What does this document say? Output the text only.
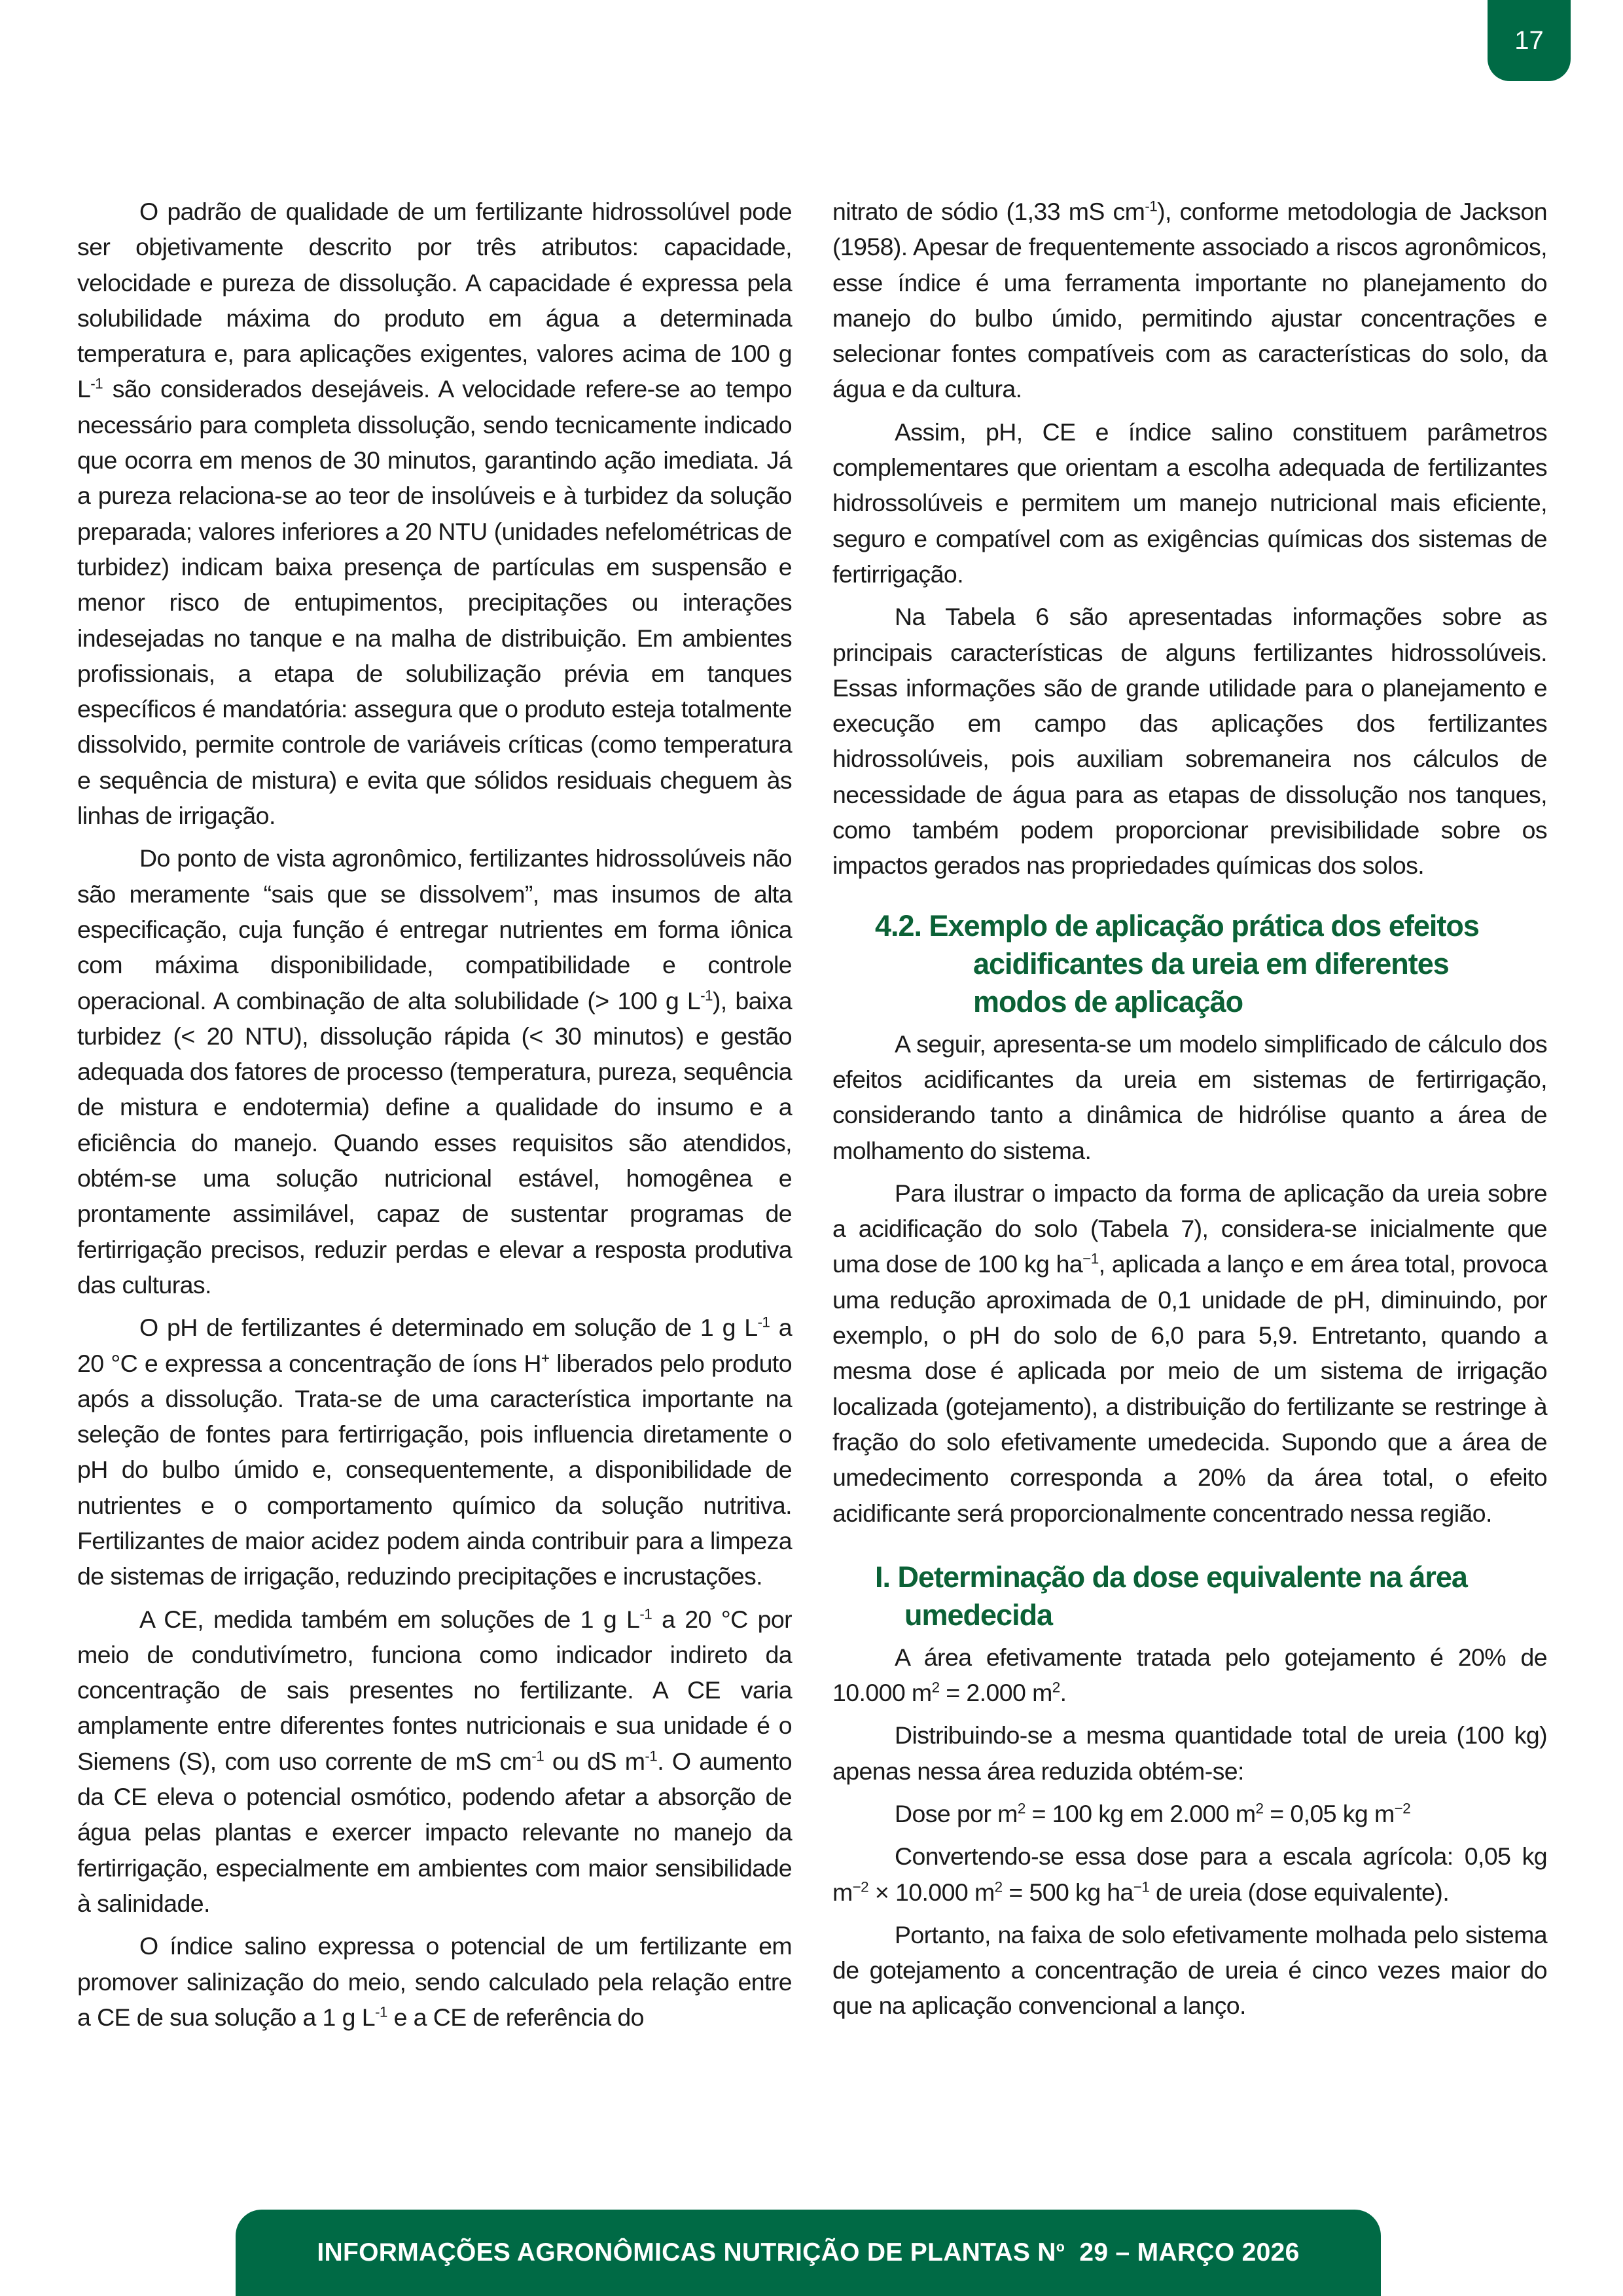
17

O padrão de qualidade de um fertilizante hidrossolúvel pode ser objetivamente descrito por três atributos: capacidade, velocidade e pureza de dissolução. A capacidade é expressa pela solubilidade máxima do produto em água a determinada temperatura e, para aplicações exigentes, valores acima de 100 g $L^{-1}$ são considerados desejáveis. A velocidade refere-se ao tempo necessário para completa dissolução, sendo tecnicamente indicado que ocorra em menos de 30 minutos, garantindo ação imediata. Já a pureza relaciona-se ao teor de insolúveis e à turbidez da solução preparada; valores inferiores a 20 NTU (unidades nefelométricas de turbidez) indicam baixa presença de partículas em suspensão e menor risco de entupimentos, precipitações ou interações indesejadas no tanque e na malha de distribuição. Em ambientes profissionais, a etapa de solubilização prévia em tanques específicos é mandatória: assegura que o produto esteja totalmente dissolvido, permite controle de variáveis críticas (como temperatura e sequência de mistura) e evita que sólidos residuais cheguem às linhas de irrigação.

Do ponto de vista agronômico, fertilizantes hidrossolúveis não são meramente “sais que se dissolvem”, mas insumos de alta especificação, cuja função é entregar nutrientes em forma iônica com máxima disponibilidade, compatibilidade e controle operacional. A combinação de alta solubilidade (> 100 g $L^{-1}$), baixa turbidez (< 20 NTU), dissolução rápida (< 30 minutos) e gestão adequada dos fatores de processo (temperatura, pureza, sequência de mistura e endotermia) define a qualidade do insumo e a eficiência do manejo. Quando esses requisitos são atendidos, obtém-se uma solução nutricional estável, homogênea e prontamente assimilável, capaz de sustentar programas de fertirrigação precisos, reduzir perdas e elevar a resposta produtiva das culturas.

O pH de fertilizantes é determinado em solução de 1 g $L^{-1}$ a 20 °C e expressa a concentração de íons H+ liberados pelo produto após a dissolução. Trata-se de uma característica importante na seleção de fontes para fertirrigação, pois influencia diretamente o pH do bulbo úmido e, consequentemente, a disponibilidade de nutrientes e o comportamento químico da solução nutritiva. Fertilizantes de maior acidez podem ainda contribuir para a limpeza de sistemas de irrigação, reduzindo precipitações e incrustações.

A CE, medida também em soluções de 1 g $L^{-1}$ a 20 °C por meio de condutivímetro, funciona como indicador indireto da concentração de sais presentes no fertilizante. A CE varia amplamente entre diferentes fontes nutricionais e sua unidade é o Siemens (S), com uso corrente de mS $cm^{-1}$ ou dS $m^{-1}$. O aumento da CE eleva o potencial osmótico, podendo afetar a absorção de água pelas plantas e exercer impacto relevante no manejo da fertirrigação, especialmente em ambientes com maior sensibilidade à salinidade.

O índice salino expressa o potencial de um fertilizante em promover salinização do meio, sendo calculado pela relação entre a CE de sua solução a 1 g $L^{-1}$ e a CE de referência do

nitrato de sódio (1,33 mS $cm^{-1}$), conforme metodologia de Jackson (1958). Apesar de frequentemente associado a riscos agronômicos, esse índice é uma ferramenta importante no planejamento do manejo do bulbo úmido, permitindo ajustar concentrações e selecionar fontes compatíveis com as características do solo, da água e da cultura.

Assim, pH, CE e índice salino constituem parâmetros complementares que orientam a escolha adequada de fertilizantes hidrossolúveis e permitem um manejo nutricional mais eficiente, seguro e compatível com as exigências químicas dos sistemas de fertirrigação.

Na Tabela 6 são apresentadas informações sobre as principais características de alguns fertilizantes hidrossolúveis. Essas informações são de grande utilidade para o planejamento e execução em campo das aplicações dos fertilizantes hidrossolúveis, pois auxiliam sobremaneira nos cálculos de necessidade de água para as etapas de dissolução nos tanques, como também podem proporcionar previsibilidade sobre os impactos gerados nas propriedades químicas dos solos.

4.2. Exemplo de aplicação prática dos efeitos acidificantes da ureia em diferentes modos de aplicação

A seguir, apresenta-se um modelo simplificado de cálculo dos efeitos acidificantes da ureia em sistemas de fertirrigação, considerando tanto a dinâmica de hidrólise quanto a área de molhamento do sistema.

Para ilustrar o impacto da forma de aplicação da ureia sobre a acidificação do solo (Tabela 7), considera-se inicialmente que uma dose de 100 kg $ha^{-1}$, aplicada a lanço e em área total, provoca uma redução aproximada de 0,1 unidade de pH, diminuindo, por exemplo, o pH do solo de 6,0 para 5,9. Entretanto, quando a mesma dose é aplicada por meio de um sistema de irrigação localizada (gotejamento), a distribuição do fertilizante se restringe à fração do solo efetivamente umedecida. Supondo que a área de umedecimento corresponda a 20% da área total, o efeito acidificante será proporcionalmente concentrado nessa região.

I. Determinação da dose equivalente na área umedecida

A área efetivamente tratada pelo gotejamento é 20% de 10.000 $m^2 = 2.000$ $m^2$.

Distribuindo-se a mesma quantidade total de ureia (100 kg) apenas nessa área reduzida obtém-se:

Dose por $m^2 = 100$ kg em 2.000 $m^2 = 0,05$ kg $m^{-2}$

Convertendo-se essa dose para a escala agrícola: 0,05 kg $m^{-2} \times 10.000$ $m^2 = 500$ kg $ha^{-1}$ de ureia (dose equivalente).

Portanto, na faixa de solo efetivamente molhada pelo sistema de gotejamento a concentração de ureia é cinco vezes maior do que na aplicação convencional a lanço.

INFORMAÇÕES AGRONÔMICAS NUTRIÇÃO DE PLANTAS $N^o$  29 – MARÇO 2026
